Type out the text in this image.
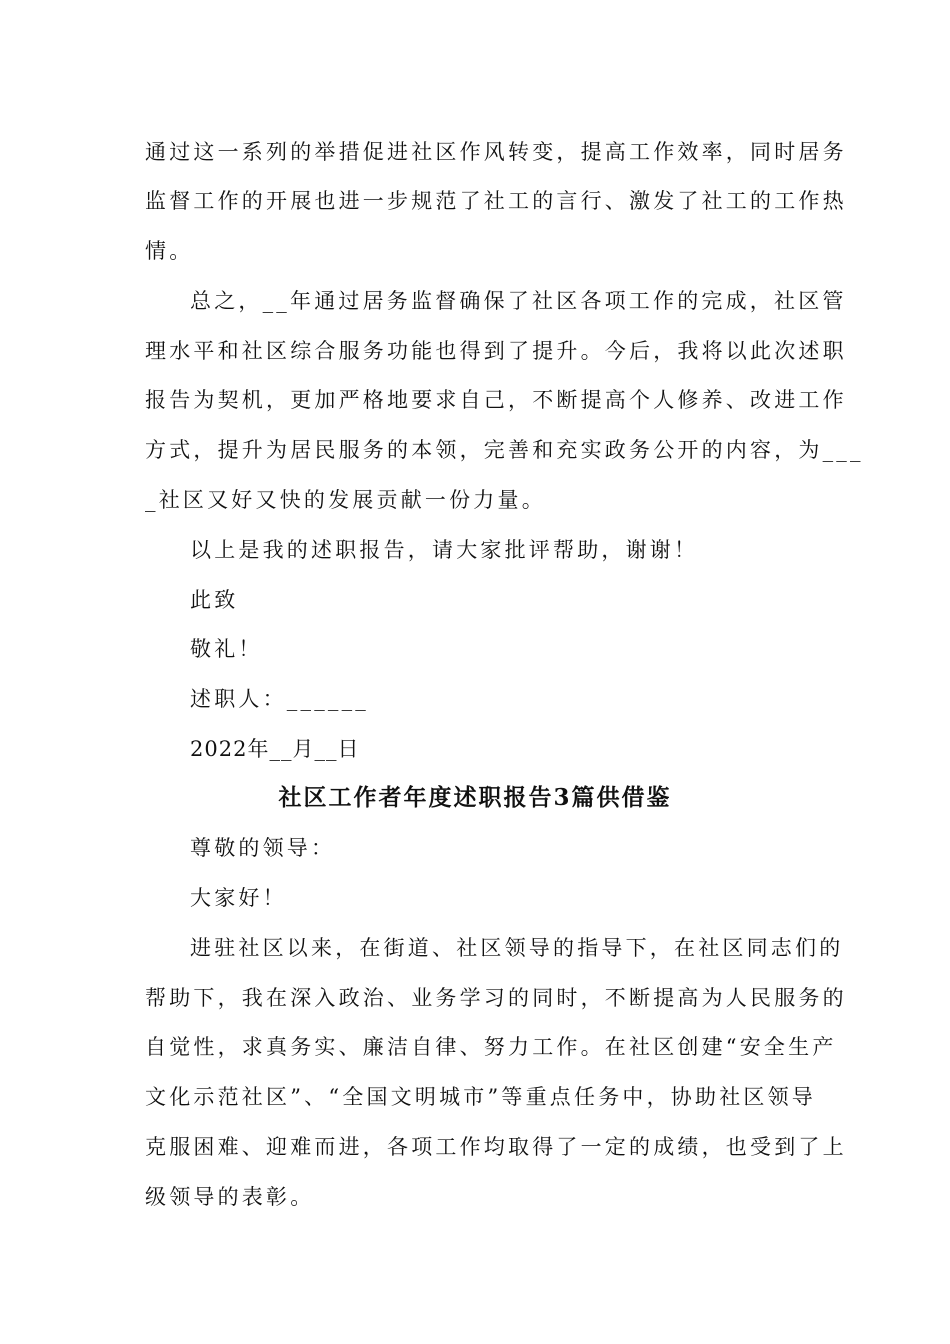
通过这一系列的举措促进社区作风转变，提高工作效率，同时居务
监督工作的开展也进一步规范了社工的言行、激发了社工的工作热
情。
总之，__年通过居务监督确保了社区各项工作的完成，社区管
理水平和社区综合服务功能也得到了提升。今后，我将以此次述职
报告为契机，更加严格地要求自己，不断提高个人修养、改进工作
方式，提升为居民服务的本领，完善和充实政务公开的内容，为___
_社区又好又快的发展贡献一份力量。
以上是我的述职报告，请大家批评帮助，谢谢！
此致
敬礼！
述职人：______
2022年__月__日
社区工作者年度述职报告3篇供借鉴
尊敬的领导：
大家好！
进驻社区以来，在街道、社区领导的指导下，在社区同志们的
帮助下，我在深入政治、业务学习的同时，不断提高为人民服务的
自觉性，求真务实、廉洁自律、努力工作。在社区创建“安全生产
文化示范社区”、“全国文明城市”等重点任务中，协助社区领导
克服困难、迎难而进，各项工作均取得了一定的成绩，也受到了上
级领导的表彰。
